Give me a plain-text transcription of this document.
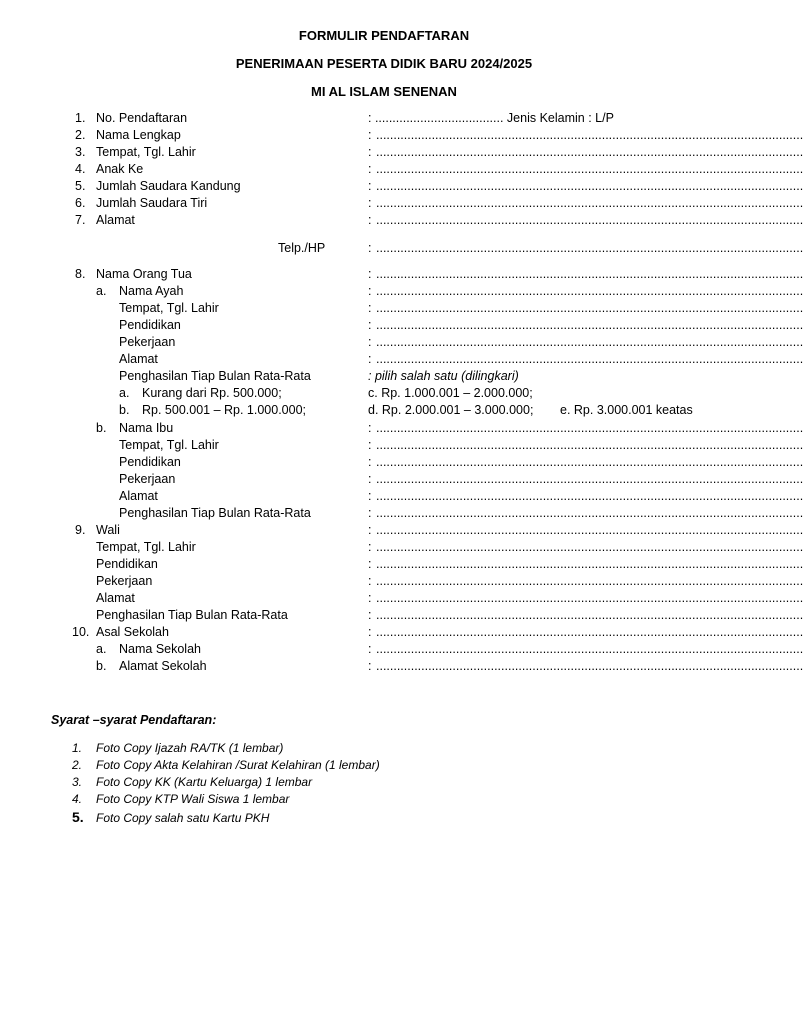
FORMULIR PENDAFTARAN
PENERIMAAN PESERTA DIDIK BARU 2024/2025
MI AL ISLAM SENENAN
1. No. Pendaftaran	: ..................................... Jenis Kelamin : L/P
2. Nama Lengkap	: ...........................................................................................................................
3. Tempat, Tgl. Lahir	: ...........................................................................................................................
4. Anak Ke	: ...........................................................................................................................
5. Jumlah Saudara Kandung	: ...........................................................................................................................
6. Jumlah Saudara Tiri	: ...........................................................................................................................
7. Alamat	: ...........................................................................................................................
Telp./HP	: ...........................................................................................................................
8. Nama Orang Tua	: ...........................................................................................................................
a. Nama Ayah	: ...........................................................................................................................
Tempat, Tgl. Lahir	: ...........................................................................................................................
Pendidikan	: ...........................................................................................................................
Pekerjaan	: ...........................................................................................................................
Alamat	: ...........................................................................................................................
Penghasilan Tiap Bulan Rata-Rata	: pilih salah satu (dilingkari)
a. Kurang dari Rp. 500.000;	c. Rp. 1.000.001 – 2.000.000;
b. Rp. 500.001 – Rp. 1.000.000;	d. Rp. 2.000.001 – 3.000.000; e. Rp. 3.000.001 keatas
b. Nama Ibu	: ...........................................................................................................................
Tempat, Tgl. Lahir	: ...........................................................................................................................
Pendidikan	: ...........................................................................................................................
Pekerjaan	: ...........................................................................................................................
Alamat	: ...........................................................................................................................
Penghasilan Tiap Bulan Rata-Rata	: ...........................................................................................................................
9. Wali	: ...........................................................................................................................
Tempat, Tgl. Lahir	: ...........................................................................................................................
Pendidikan	: ...........................................................................................................................
Pekerjaan	: ...........................................................................................................................
Alamat	: ...........................................................................................................................
Penghasilan Tiap Bulan Rata-Rata	: ...........................................................................................................................
10. Asal Sekolah	: ...........................................................................................................................
a. Nama Sekolah	: ...........................................................................................................................
b. Alamat Sekolah	: ...........................................................................................................................
Syarat –syarat Pendaftaran:
1. Foto Copy Ijazah RA/TK (1 lembar)
2. Foto Copy Akta Kelahiran /Surat Kelahiran (1 lembar)
3. Foto Copy KK (Kartu Keluarga) 1 lembar
4. Foto Copy KTP Wali Siswa 1 lembar
5. Foto Copy salah satu Kartu PKH
